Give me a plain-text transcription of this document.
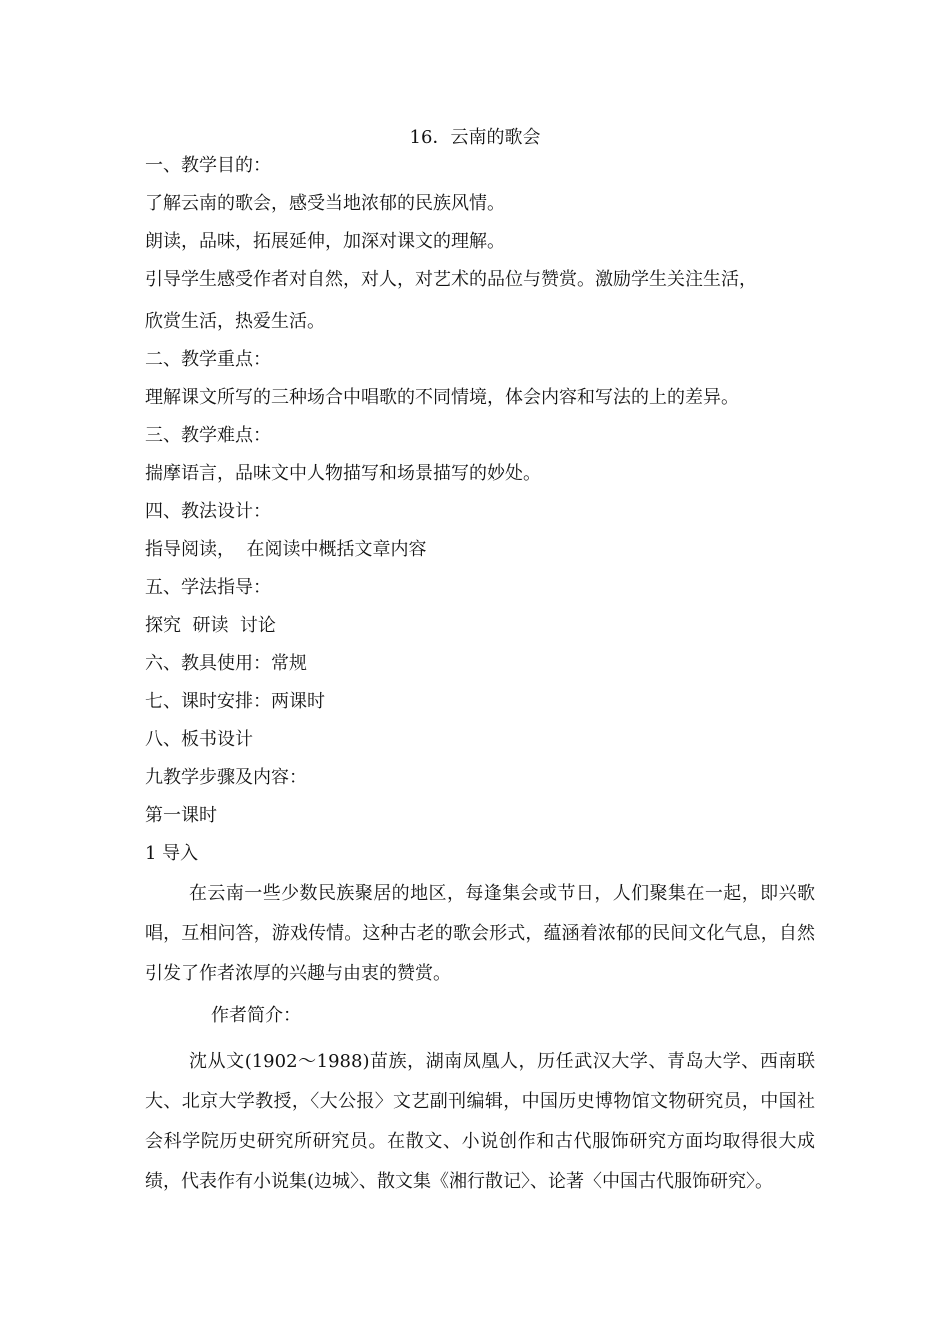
16．云南的歌会

一、教学目的：

了解云南的歌会，感受当地浓郁的民族风情。

朗读，品味，拓展延伸，加深对课文的理解。

引导学生感受作者对自然，对人，对艺术的品位与赞赏。激励学生关注生活，

欣赏生活，热爱生活。

二、教学重点：

理解课文所写的三种场合中唱歌的不同情境，体会内容和写法的上的差异。

三、教学难点：

揣摩语言，品味文中人物描写和场景描写的妙处。

四、教法设计：

指导阅读，  在阅读中概括文章内容

五、学法指导：

探究  研读  讨论

六、教具使用：常规

七、课时安排：两课时

八、板书设计

九教学步骤及内容：

第一课时

1 导入

在云南一些少数民族聚居的地区，每逢集会或节日，人们聚集在一起，即兴歌唱，互相问答，游戏传情。这种古老的歌会形式，蕴涵着浓郁的民间文化气息，自然引发了作者浓厚的兴趣与由衷的赞赏。

作者简介：

沈从文(1902～1988)苗族，湖南凤凰人，历任武汉大学、青岛大学、西南联大、北京大学教授，〈大公报〉文艺副刊编辑，中国历史博物馆文物研究员，中国社会科学院历史研究所研究员。在散文、小说创作和古代服饰研究方面均取得很大成绩，代表作有小说集(边城〉、散文集《湘行散记〉、论著〈中国古代服饰研究〉。
